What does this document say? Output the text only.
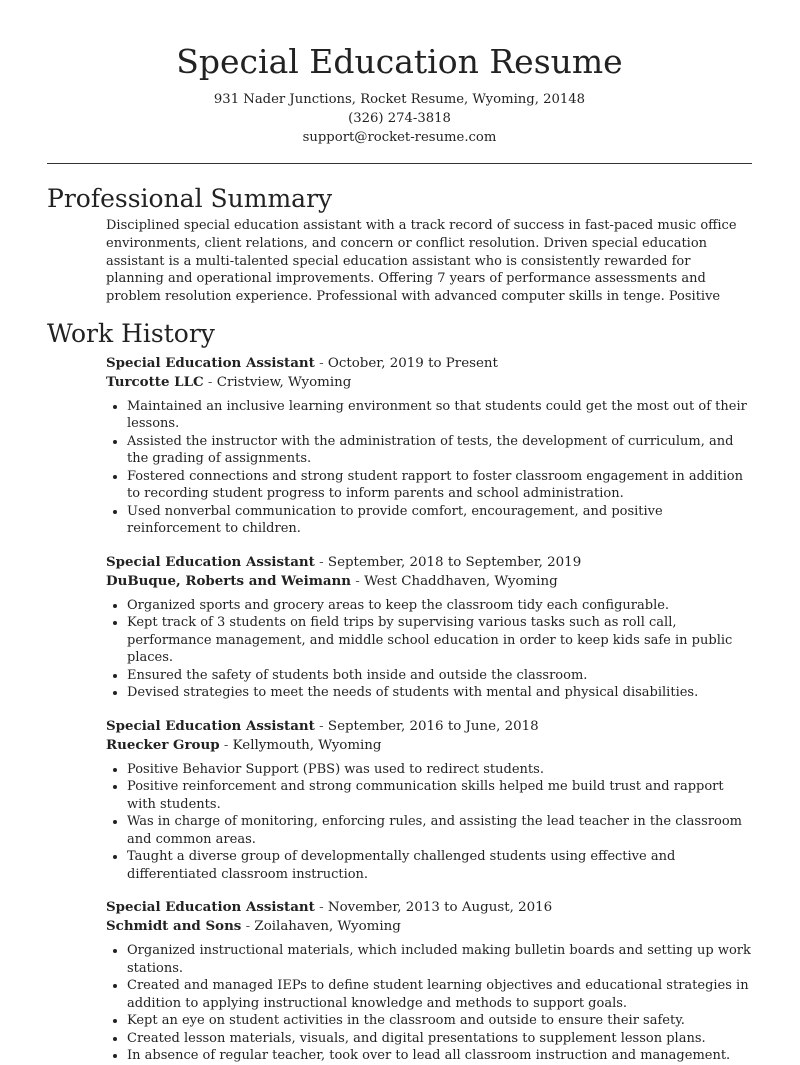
Special Education Resume
931 Nader Junctions, Rocket Resume, Wyoming, 20148
(326) 274-3818
support@rocket-resume.com
Professional Summary

Disciplined special education assistant with a track record of success in fast-paced music office environments, client relations, and concern or conflict resolution. Driven special education assistant is a multi-talented special education assistant who is consistently rewarded for planning and operational improvements. Offering 7 years of performance assessments and problem resolution experience. Professional with advanced computer skills in tenge. Positive

Work History
Special Education Assistant - October, 2019 to Present
Turcotte LLC - Cristview, Wyoming
• Maintained an inclusive learning environment so that students could get the most out of their lessons.
• Assisted the instructor with the administration of tests, the development of curriculum, and the grading of assignments.
• Fostered connections and strong student rapport to foster classroom engagement in addition to recording student progress to inform parents and school administration.
• Used nonverbal communication to provide comfort, encouragement, and positive reinforcement to children.
Special Education Assistant - September, 2018 to September, 2019
DuBuque, Roberts and Weimann - West Chaddhaven, Wyoming
• Organized sports and grocery areas to keep the classroom tidy each configurable.
• Kept track of 3 students on field trips by supervising various tasks such as roll call, performance management, and middle school education in order to keep kids safe in public places.
• Ensured the safety of students both inside and outside the classroom.
• Devised strategies to meet the needs of students with mental and physical disabilities.
Special Education Assistant - September, 2016 to June, 2018
Ruecker Group - Kellymouth, Wyoming
• Positive Behavior Support (PBS) was used to redirect students.
• Positive reinforcement and strong communication skills helped me build trust and rapport with students.
• Was in charge of monitoring, enforcing rules, and assisting the lead teacher in the classroom and common areas.
• Taught a diverse group of developmentally challenged students using effective and differentiated classroom instruction.
Special Education Assistant - November, 2013 to August, 2016
Schmidt and Sons - Zoilahaven, Wyoming
• Organized instructional materials, which included making bulletin boards and setting up work stations.
• Created and managed IEPs to define student learning objectives and educational strategies in addition to applying instructional knowledge and methods to support goals.
• Kept an eye on student activities in the classroom and outside to ensure their safety.
• Created lesson materials, visuals, and digital presentations to supplement lesson plans.
• In absence of regular teacher, took over to lead all classroom instruction and management.
